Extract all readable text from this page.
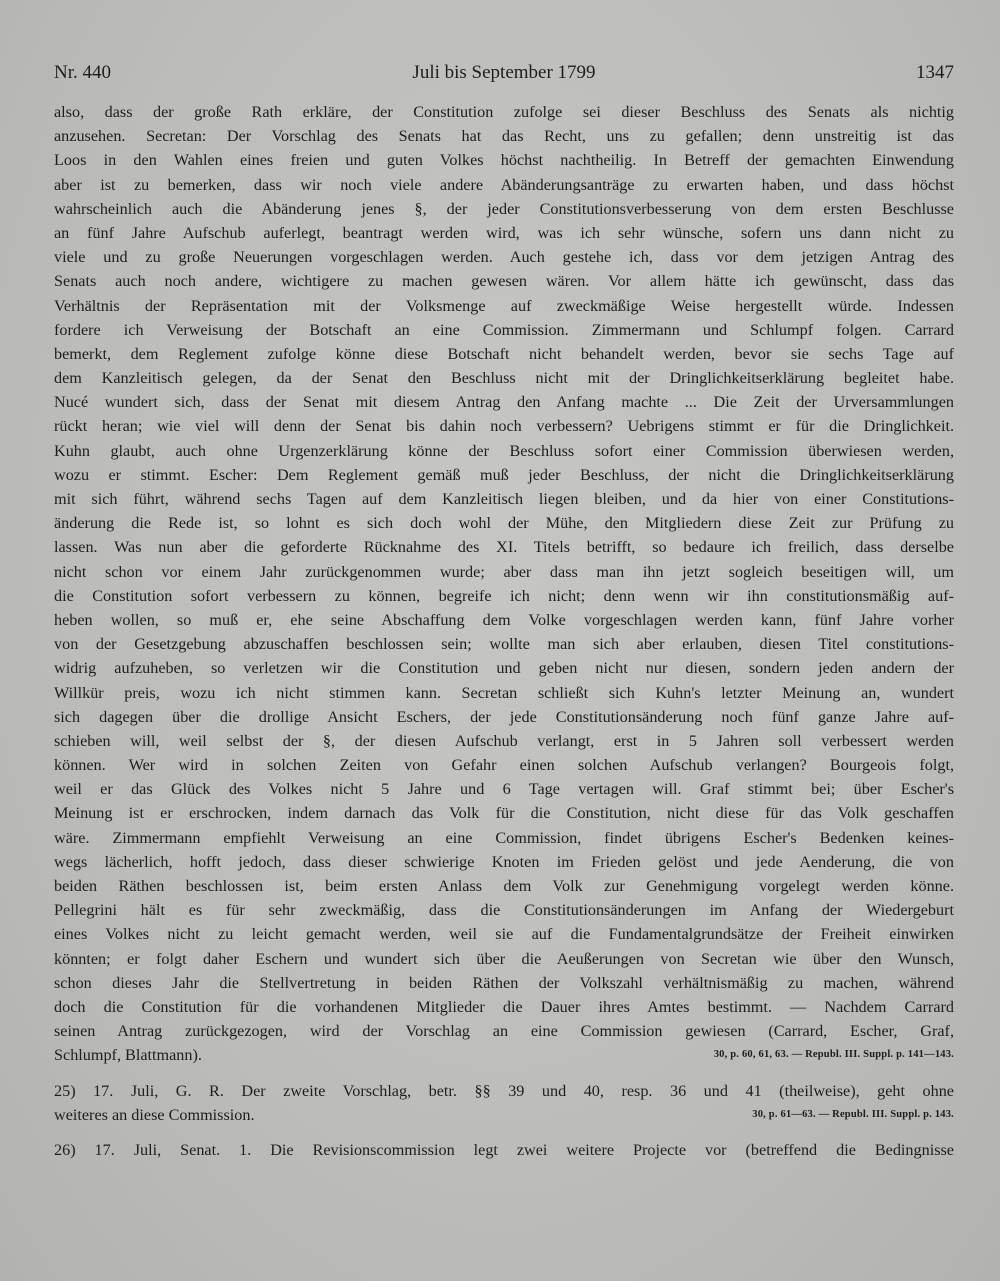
Nr. 440	Juli bis September 1799	1347
also, dass der große Rath erkläre, der Constitution zufolge sei dieser Beschluss des Senats als nichtig
anzusehen. Secretan: Der Vorschlag des Senats hat das Recht, uns zu gefallen; denn unstreitig ist das
Loos in den Wahlen eines freien und guten Volkes höchst nachtheilig. In Betreff der gemachten Einwendung
aber ist zu bemerken, dass wir noch viele andere Abänderungsanträge zu erwarten haben, und dass höchst
wahrscheinlich auch die Abänderung jenes §, der jeder Constitutionsverbesserung von dem ersten Beschlusse
an fünf Jahre Aufschub auferlegt, beantragt werden wird, was ich sehr wünsche, sofern uns dann nicht zu
viele und zu große Neuerungen vorgeschlagen werden. Auch gestehe ich, dass vor dem jetzigen Antrag des
Senats auch noch andere, wichtigere zu machen gewesen wären. Vor allem hätte ich gewünscht, dass das
Verhältnis der Repräsentation mit der Volksmenge auf zweckmäßige Weise hergestellt würde. Indessen
fordere ich Verweisung der Botschaft an eine Commission. Zimmermann und Schlumpf folgen. Carrard
bemerkt, dem Reglement zufolge könne diese Botschaft nicht behandelt werden, bevor sie sechs Tage auf
dem Kanzleitisch gelegen, da der Senat den Beschluss nicht mit der Dringlichkeitserklärung begleitet habe.
Nucé wundert sich, dass der Senat mit diesem Antrag den Anfang machte ... Die Zeit der Urversammlungen
rückt heran; wie viel will denn der Senat bis dahin noch verbessern? Uebrigens stimmt er für die Dringlichkeit.
Kuhn glaubt, auch ohne Urgenzerklärung könne der Beschluss sofort einer Commission überwiesen werden,
wozu er stimmt. Escher: Dem Reglement gemäß muß jeder Beschluss, der nicht die Dringlichkeitserklärung
mit sich führt, während sechs Tagen auf dem Kanzleitisch liegen bleiben, und da hier von einer Constitutions-
änderung die Rede ist, so lohnt es sich doch wohl der Mühe, den Mitgliedern diese Zeit zur Prüfung zu
lassen. Was nun aber die geforderte Rücknahme des XI. Titels betrifft, so bedaure ich freilich, dass derselbe
nicht schon vor einem Jahr zurückgenommen wurde; aber dass man ihn jetzt sogleich beseitigen will, um
die Constitution sofort verbessern zu können, begreife ich nicht; denn wenn wir ihn constitutionsmäßig auf-
heben wollen, so muß er, ehe seine Abschaffung dem Volke vorgeschlagen werden kann, fünf Jahre vorher
von der Gesetzgebung abzuschaffen beschlossen sein; wollte man sich aber erlauben, diesen Titel constitutions-
widrig aufzuheben, so verletzen wir die Constitution und geben nicht nur diesen, sondern jeden andern der
Willkür preis, wozu ich nicht stimmen kann. Secretan schließt sich Kuhn's letzter Meinung an, wundert
sich dagegen über die drollige Ansicht Eschers, der jede Constitutionsänderung noch fünf ganze Jahre auf-
schieben will, weil selbst der §, der diesen Aufschub verlangt, erst in 5 Jahren soll verbessert werden
können. Wer wird in solchen Zeiten von Gefahr einen solchen Aufschub verlangen? Bourgeois folgt,
weil er das Glück des Volkes nicht 5 Jahre und 6 Tage vertagen will. Graf stimmt bei; über Escher's
Meinung ist er erschrocken, indem darnach das Volk für die Constitution, nicht diese für das Volk geschaffen
wäre. Zimmermann empfiehlt Verweisung an eine Commission, findet übrigens Escher's Bedenken keines-
wegs lächerlich, hofft jedoch, dass dieser schwierige Knoten im Frieden gelöst und jede Aenderung, die von
beiden Räthen beschlossen ist, beim ersten Anlass dem Volk zur Genehmigung vorgelegt werden könne.
Pellegrini hält es für sehr zweckmäßig, dass die Constitutionsänderungen im Anfang der Wiedergeburt
eines Volkes nicht zu leicht gemacht werden, weil sie auf die Fundamentalgrundsätze der Freiheit einwirken
könnten; er folgt daher Eschern und wundert sich über die Aeußerungen von Secretan wie über den Wunsch,
schon dieses Jahr die Stellvertretung in beiden Räthen der Volkszahl verhältnismäßig zu machen, während
doch die Constitution für die vorhandenen Mitglieder die Dauer ihres Amtes bestimmt. — Nachdem Carrard
seinen Antrag zurückgezogen, wird der Vorschlag an eine Commission gewiesen (Carrard, Escher, Graf,
Schlumpf, Blattmann).	30, p. 60, 61, 63. — Republ. III. Suppl. p. 141—143.
25) 17. Juli, G. R. Der zweite Vorschlag, betr. §§ 39 und 40, resp. 36 und 41 (theilweise), geht ohne
weiteres an diese Commission.	30, p. 61—63. — Republ. III. Suppl. p. 143.
26) 17. Juli, Senat. 1. Die Revisionscommission legt zwei weitere Projecte vor (betreffend die Bedingnisse
